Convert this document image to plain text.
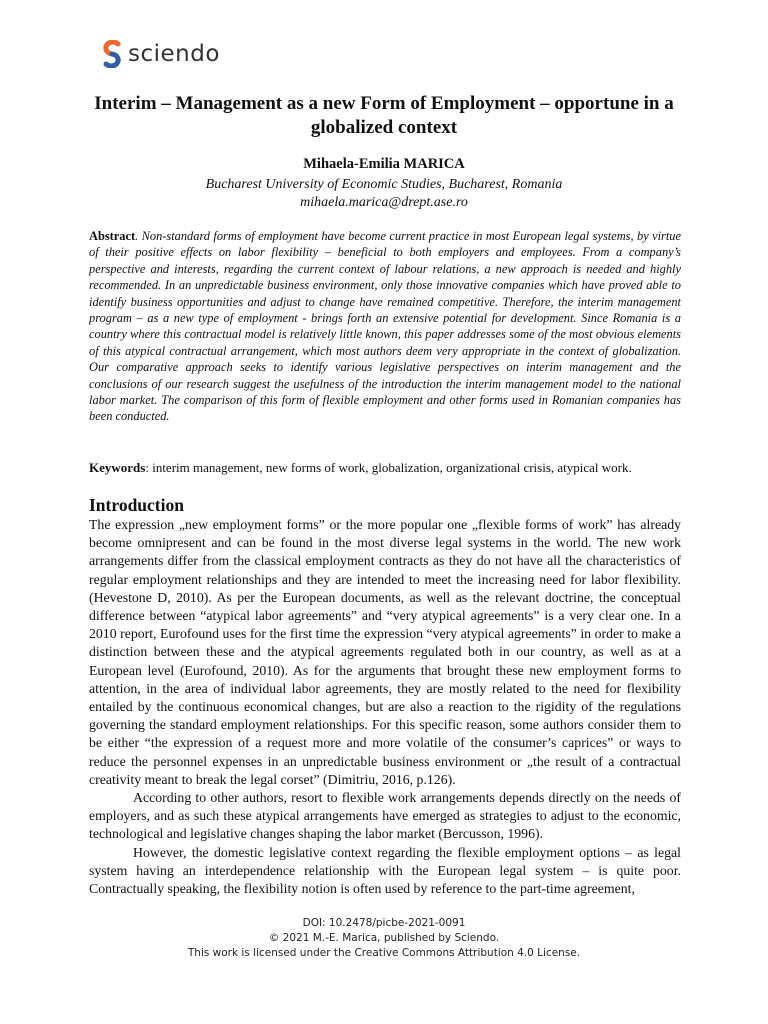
sciendo
Interim – Management as a new Form of Employment – opportune in a globalized context

Mihaela-Emilia MARICA

Bucharest University of Economic Studies, Bucharest, Romania
mihaela.marica@drept.ase.ro

Abstract. Non-standard forms of employment have become current practice in most European legal systems, by virtue of their positive effects on labor flexibility – beneficial to both employers and employees. From a company’s perspective and interests, regarding the current context of labour relations, a new approach is needed and highly recommended. In an unpredictable business environment, only those innovative companies which have proved able to identify business opportunities and adjust to change have remained competitive. Therefore, the interim management program – as a new type of employment - brings forth an extensive potential for development. Since Romania is a country where this contractual model is relatively little known, this paper addresses some of the most obvious elements of this atypical contractual arrangement, which most authors deem very appropriate in the context of globalization. Our comparative approach seeks to identify various legislative perspectives on interim management and the conclusions of our research suggest the usefulness of the introduction the interim management model to the national labor market. The comparison of this form of flexible employment and other forms used in Romanian companies has been conducted.

Keywords: interim management, new forms of work, globalization, organizational crisis, atypical work.

Introduction

The expression „new employment forms” or the more popular one „flexible forms of work” has already become omnipresent and can be found in the most diverse legal systems in the world. The new work arrangements differ from the classical employment contracts as they do not have all the characteristics of regular employment relationships and they are intended to meet the increasing need for labor flexibility. (Hevestone D, 2010). As per the European documents, as well as the relevant doctrine, the conceptual difference between “atypical labor agreements” and “very atypical agreements” is a very clear one. In a 2010 report, Eurofound uses for the first time the expression “very atypical agreements” in order to make a distinction between these and the atypical agreements regulated both in our country, as well as at a European level (Eurofound, 2010). As for the arguments that brought these new employment forms to attention, in the area of individual labor agreements, they are mostly related to the need for flexibility entailed by the continuous economical changes, but are also a reaction to the rigidity of the regulations governing the standard employment relationships. For this specific reason, some authors consider them to be either “the expression of a request more and more volatile of the consumer’s caprices” or ways to reduce the personnel expenses in an unpredictable business environment or „the result of a contractual creativity meant to break the legal corset” (Dimitriu, 2016, p.126).

According to other authors, resort to flexible work arrangements depends directly on the needs of employers, and as such these atypical arrangements have emerged as strategies to adjust to the economic, technological and legislative changes shaping the labor market (Bercusson, 1996).

However, the domestic legislative context regarding the flexible employment options – as legal system having an interdependence relationship with the European legal system – is quite poor. Contractually speaking, the flexibility notion is often used by reference to the part-time agreement,

DOI: 10.2478/picbe-2021-0091
© 2021 M.-E. Marica, published by Sciendo.
This work is licensed under the Creative Commons Attribution 4.0 License.
